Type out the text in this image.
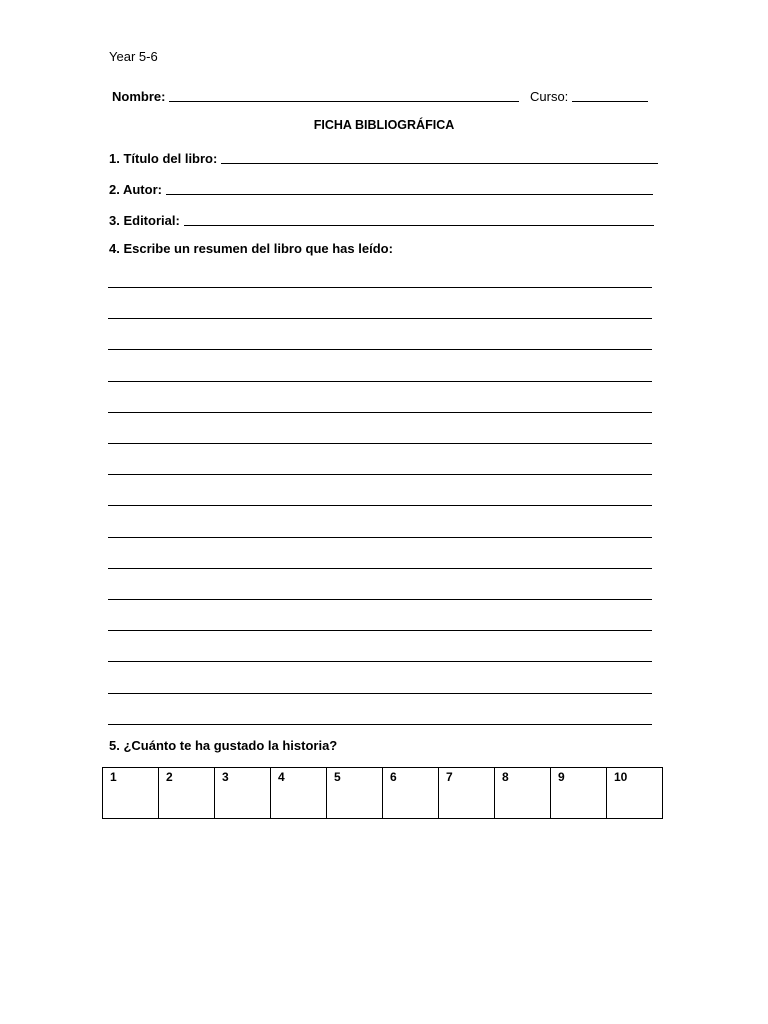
Year 5-6
Nombre:	Curso:
FICHA BIBLIOGRÁFICA
1. Título del libro:
2. Autor:
3. Editorial:
4. Escribe un resumen del libro que has leído:
5. ¿Cuánto te ha gustado la historia?
1	2	3	4	5	6	7	8	9	10
